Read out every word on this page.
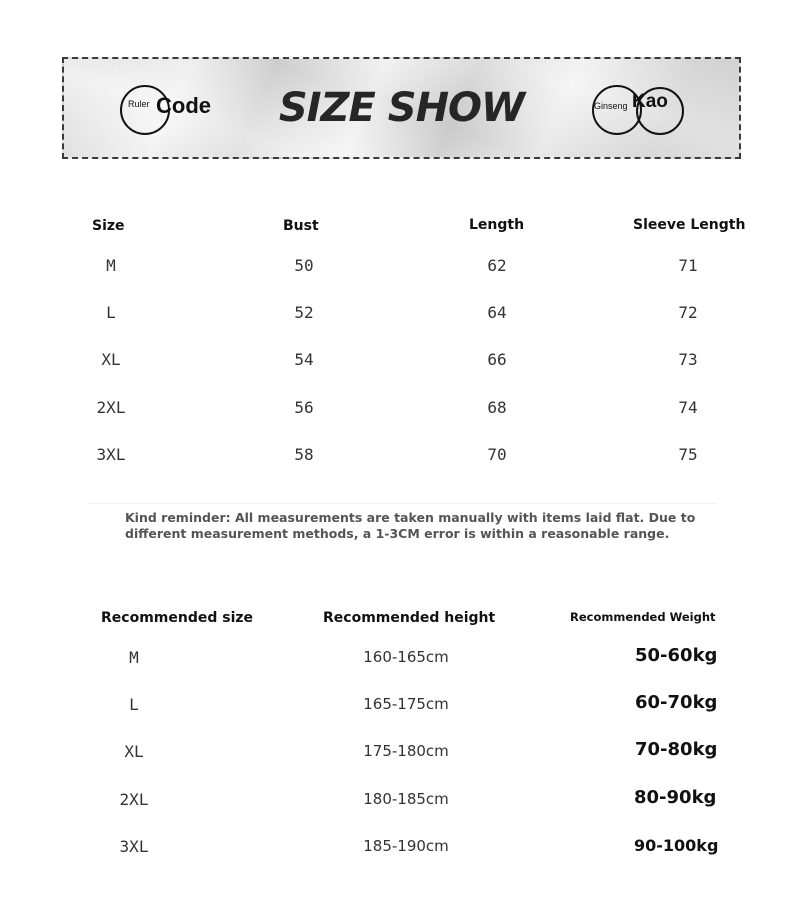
SIZE SHOW
Ruler Code	Ginseng Kao
Size	Bust	Length	Sleeve Length
M	50	62	71
L	52	64	72
XL	54	66	73
2XL	56	68	74
3XL	58	70	75
Kind reminder: All measurements are taken manually with items laid flat. Due to
different measurement methods, a 1-3CM error is within a reasonable range.
Recommended size	Recommended height	Recommended Weight
M	160-165cm	50-60kg
L	165-175cm	60-70kg
XL	175-180cm	70-80kg
2XL	180-185cm	80-90kg
3XL	185-190cm	90-100kg
